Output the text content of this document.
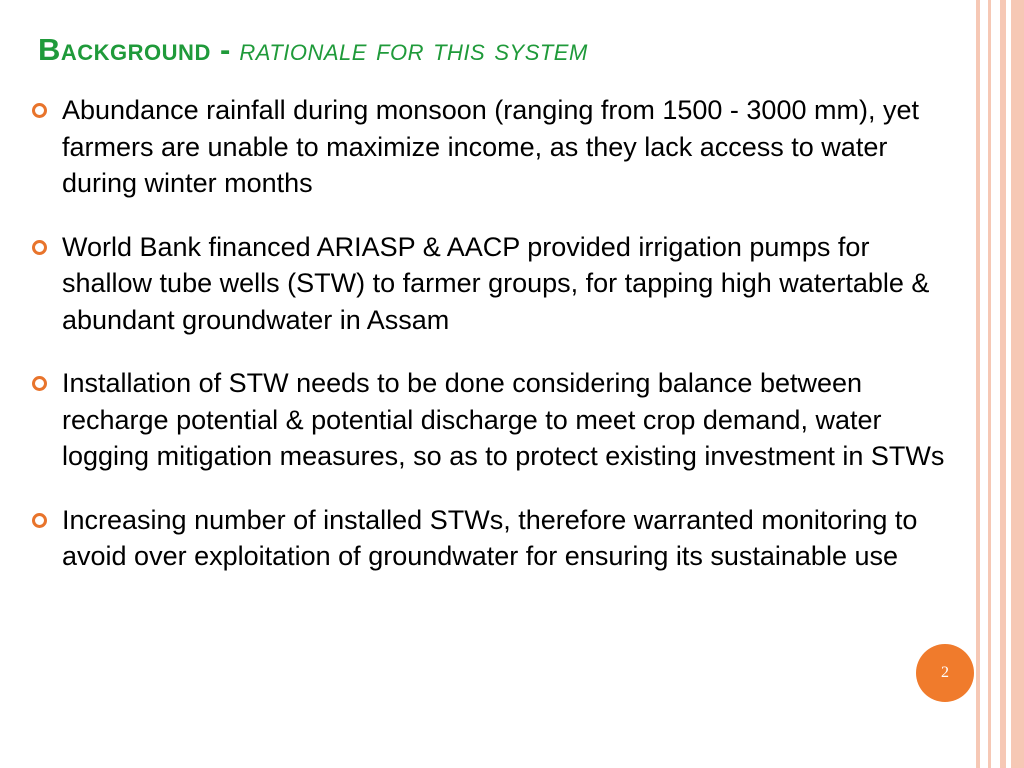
Background - rationale for this system
Abundance rainfall during monsoon (ranging from 1500 - 3000 mm), yet farmers are unable to maximize income, as they lack access to water during winter months
World Bank financed ARIASP & AACP provided irrigation pumps for shallow tube wells (STW) to farmer groups, for tapping high watertable & abundant groundwater in Assam
Installation of STW needs to be done considering balance between recharge potential & potential discharge to meet crop demand, water logging mitigation measures, so as to protect existing investment in STWs
Increasing number of installed STWs, therefore warranted monitoring to avoid over exploitation of groundwater for ensuring its sustainable use
2
